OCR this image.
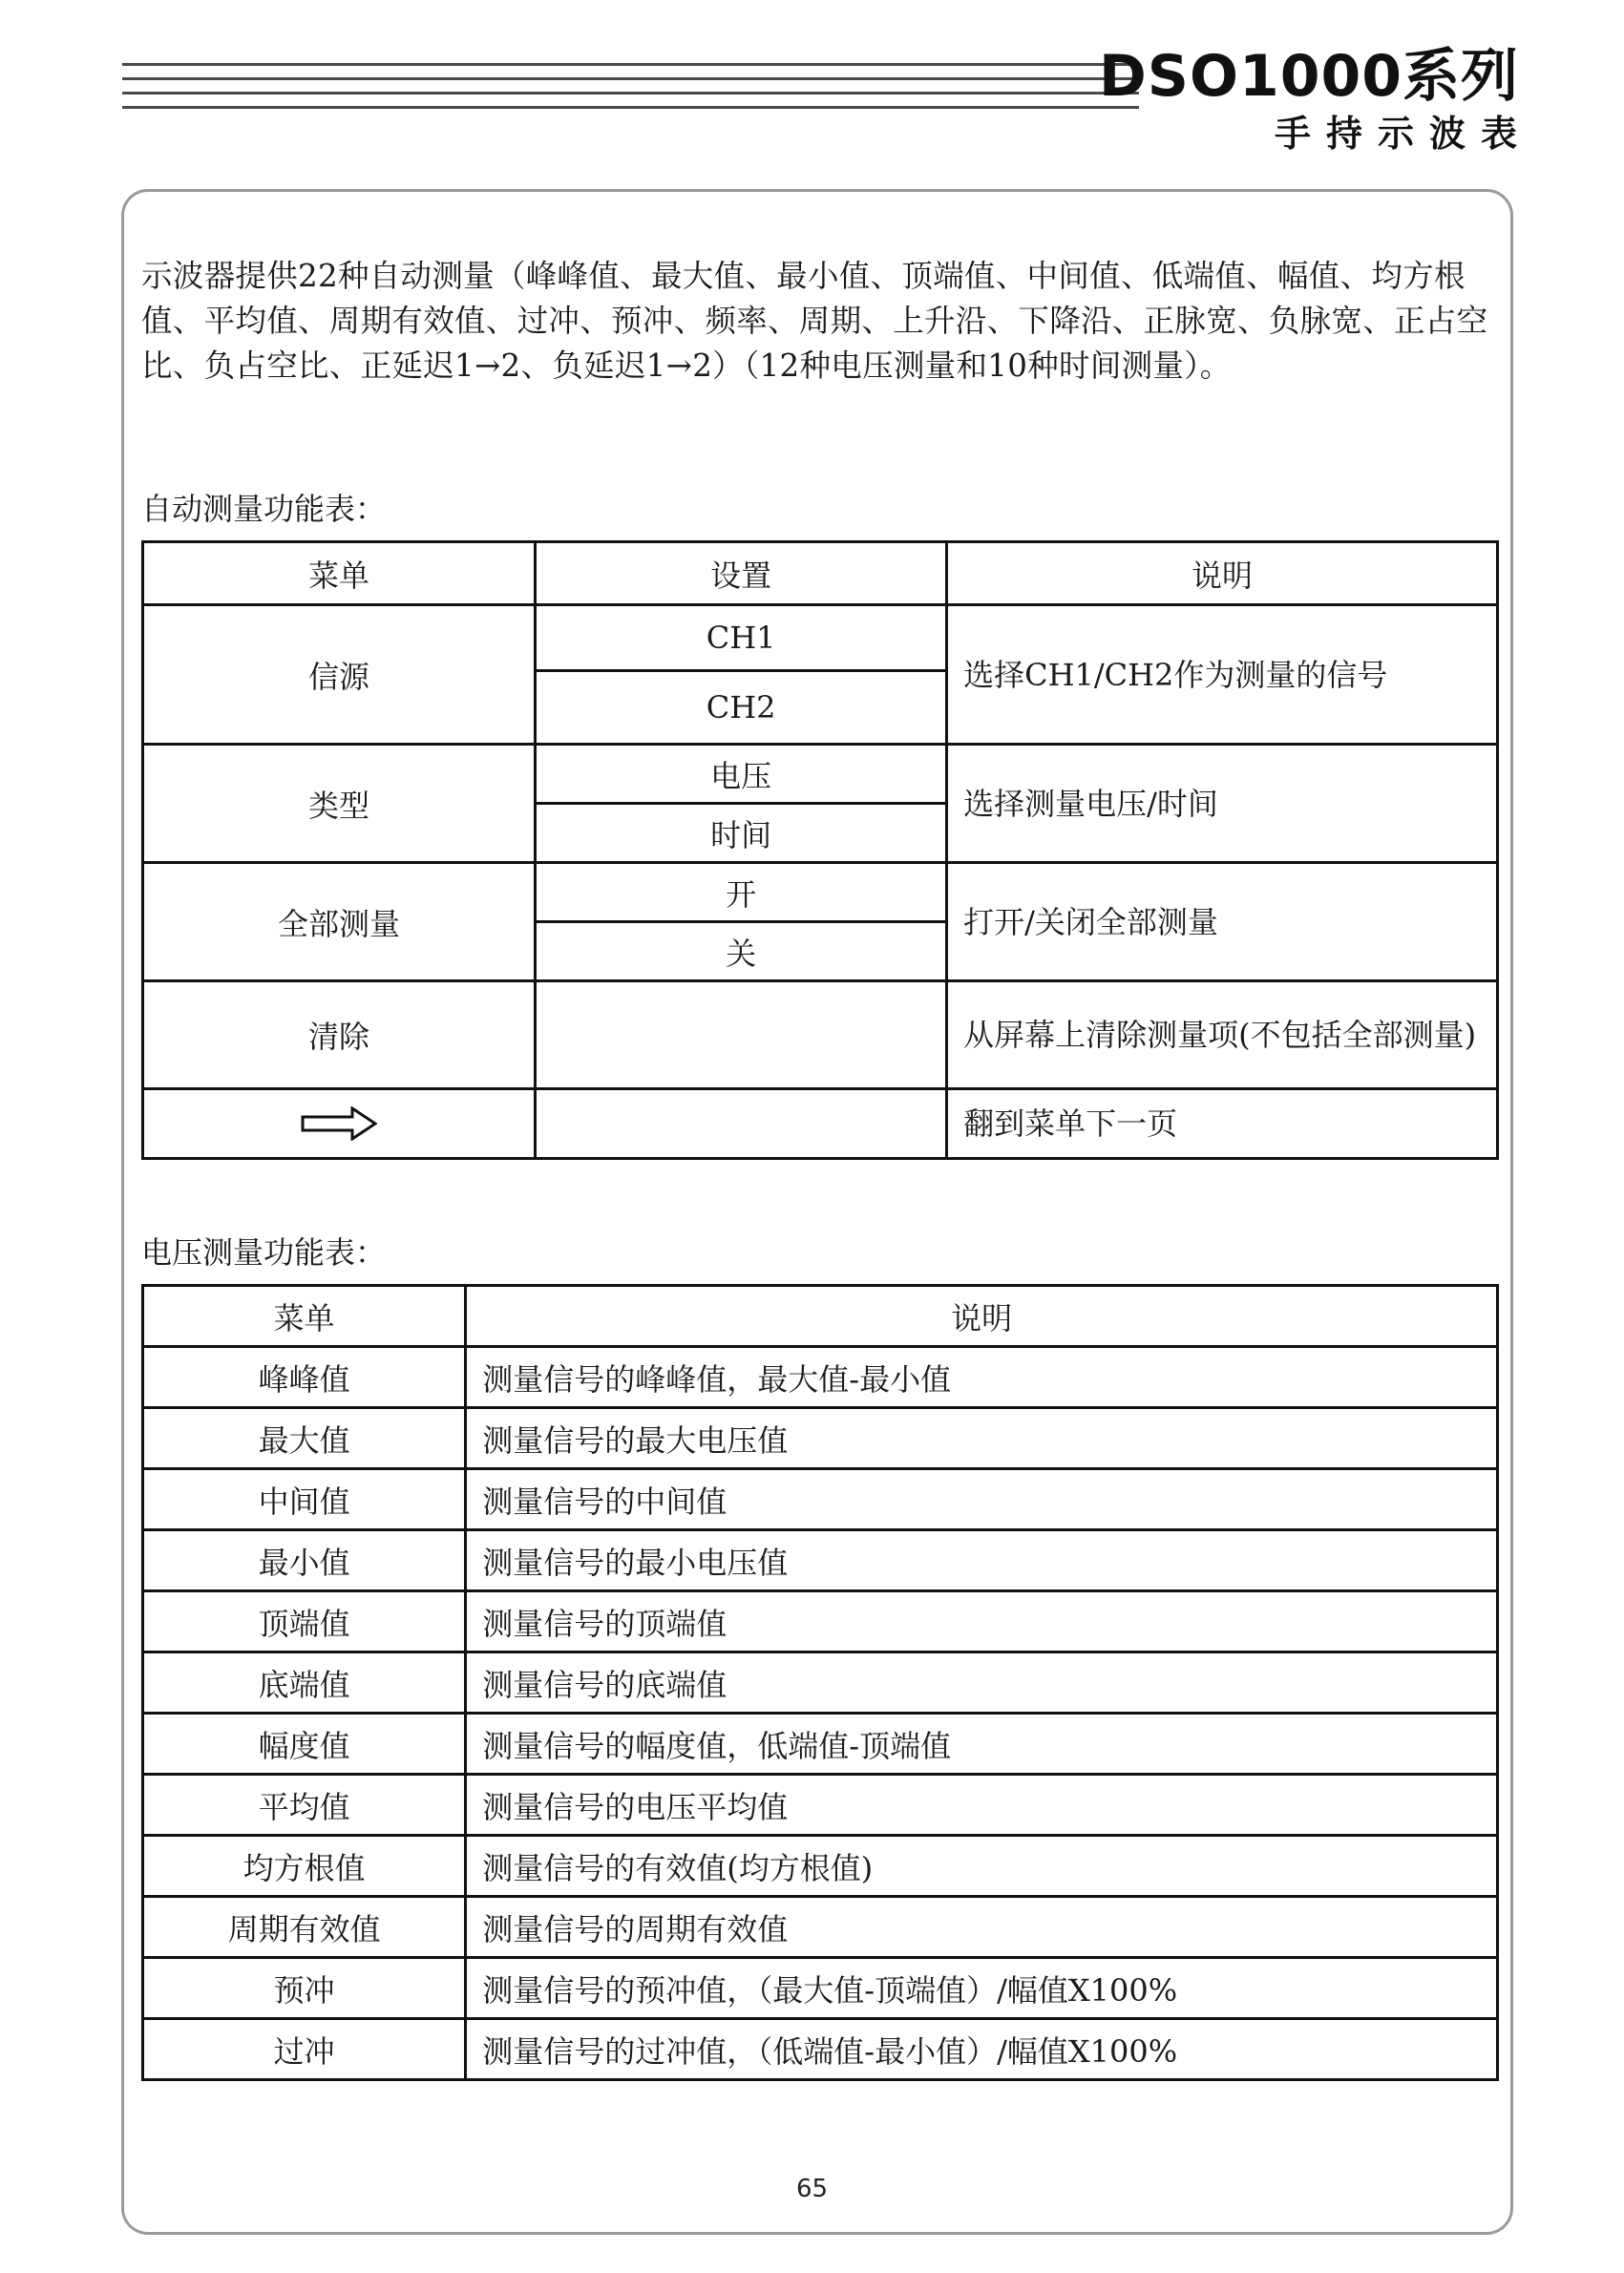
DSO1000系列
手持示波表

示波器提供22种自动测量（峰峰值、最大值、最小值、顶端值、中间值、低端值、幅值、均方根值、平均值、周期有效值、过冲、预冲、频率、周期、上升沿、下降沿、正脉宽、负脉宽、正占空比、负占空比、正延迟1→2、负延迟1→2）（12种电压测量和10种时间测量）。

自动测量功能表：

菜单	设置	说明
信源	CH1	选择CH1/CH2作为测量的信号
	CH2	
类型	电压	选择测量电压/时间
	时间	
全部测量	开	打开/关闭全部测量
	关	
清除		从屏幕上清除测量项(不包括全部测量)

		翻到菜单下一页

电压测量功能表：

菜单	说明
峰峰值	测量信号的峰峰值，最大值-最小值
最大值	测量信号的最大电压值
中间值	测量信号的中间值
最小值	测量信号的最小电压值
顶端值	测量信号的顶端值
底端值	测量信号的底端值
幅度值	测量信号的幅度值，低端值-顶端值
平均值	测量信号的电压平均值
均方根值	测量信号的有效值(均方根值)
周期有效值	测量信号的周期有效值
预冲	测量信号的预冲值，（最大值-顶端值）/幅值X100%
过冲	测量信号的过冲值，（低端值-最小值）/幅值X100%
65
